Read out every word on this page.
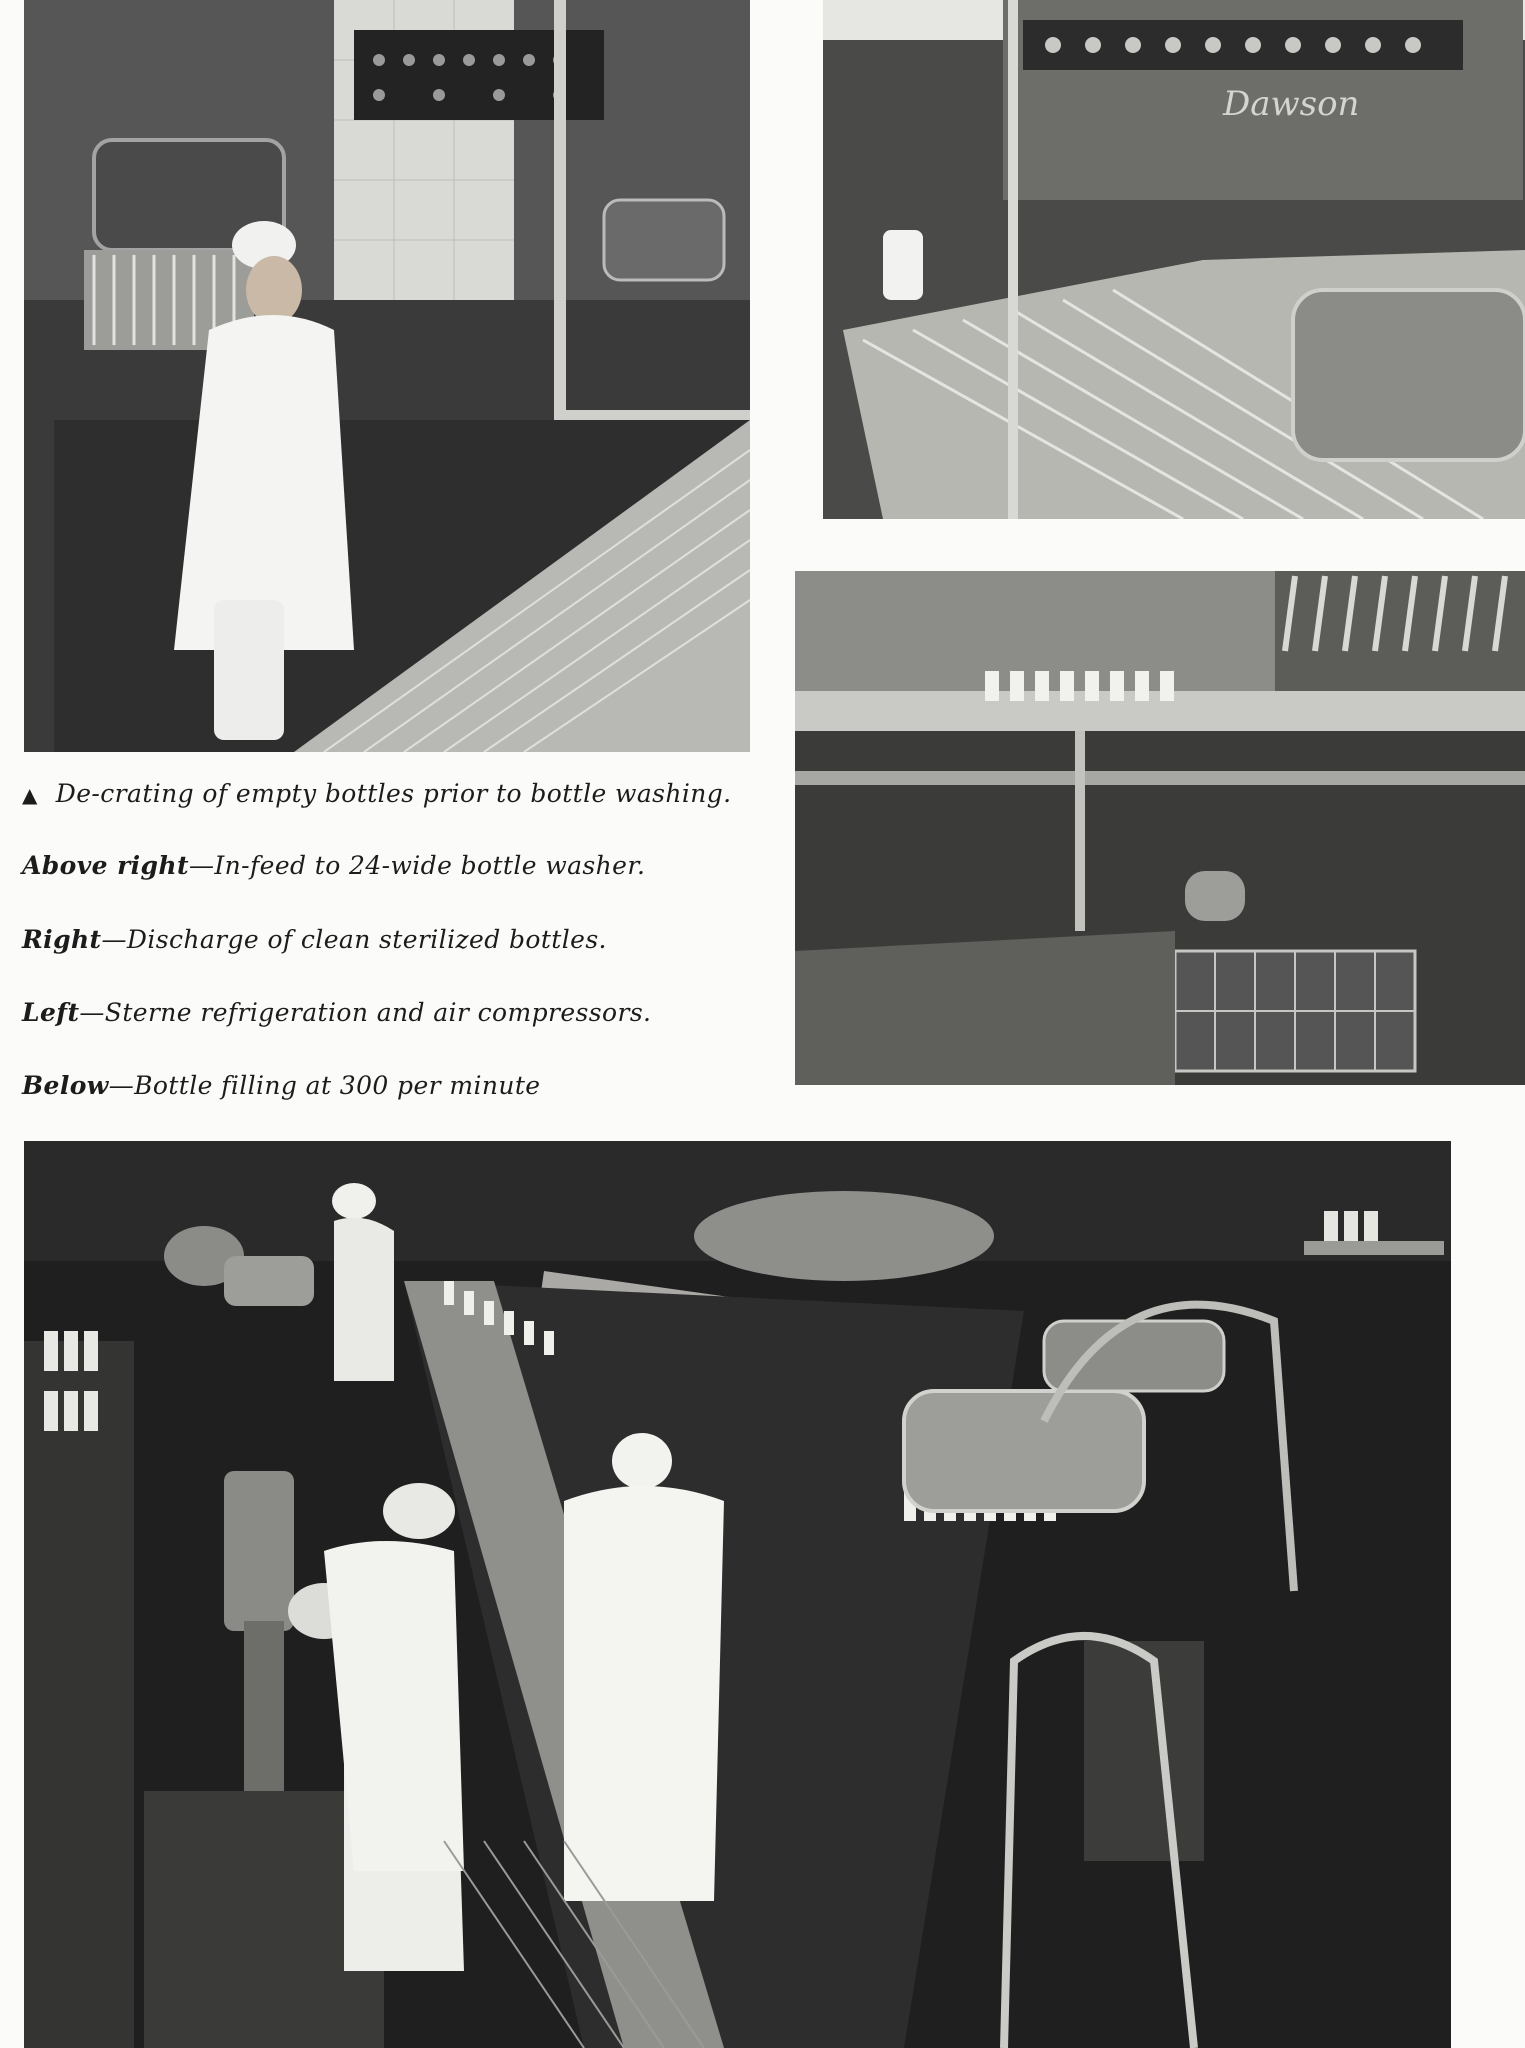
Dawson

▲ De-crating of empty bottles prior to bottle washing.

Above right—In-feed to 24-wide bottle washer.

Right—Discharge of clean sterilized bottles.

Left—Sterne refrigeration and air compressors.

Below—Bottle filling at 300 per minute
